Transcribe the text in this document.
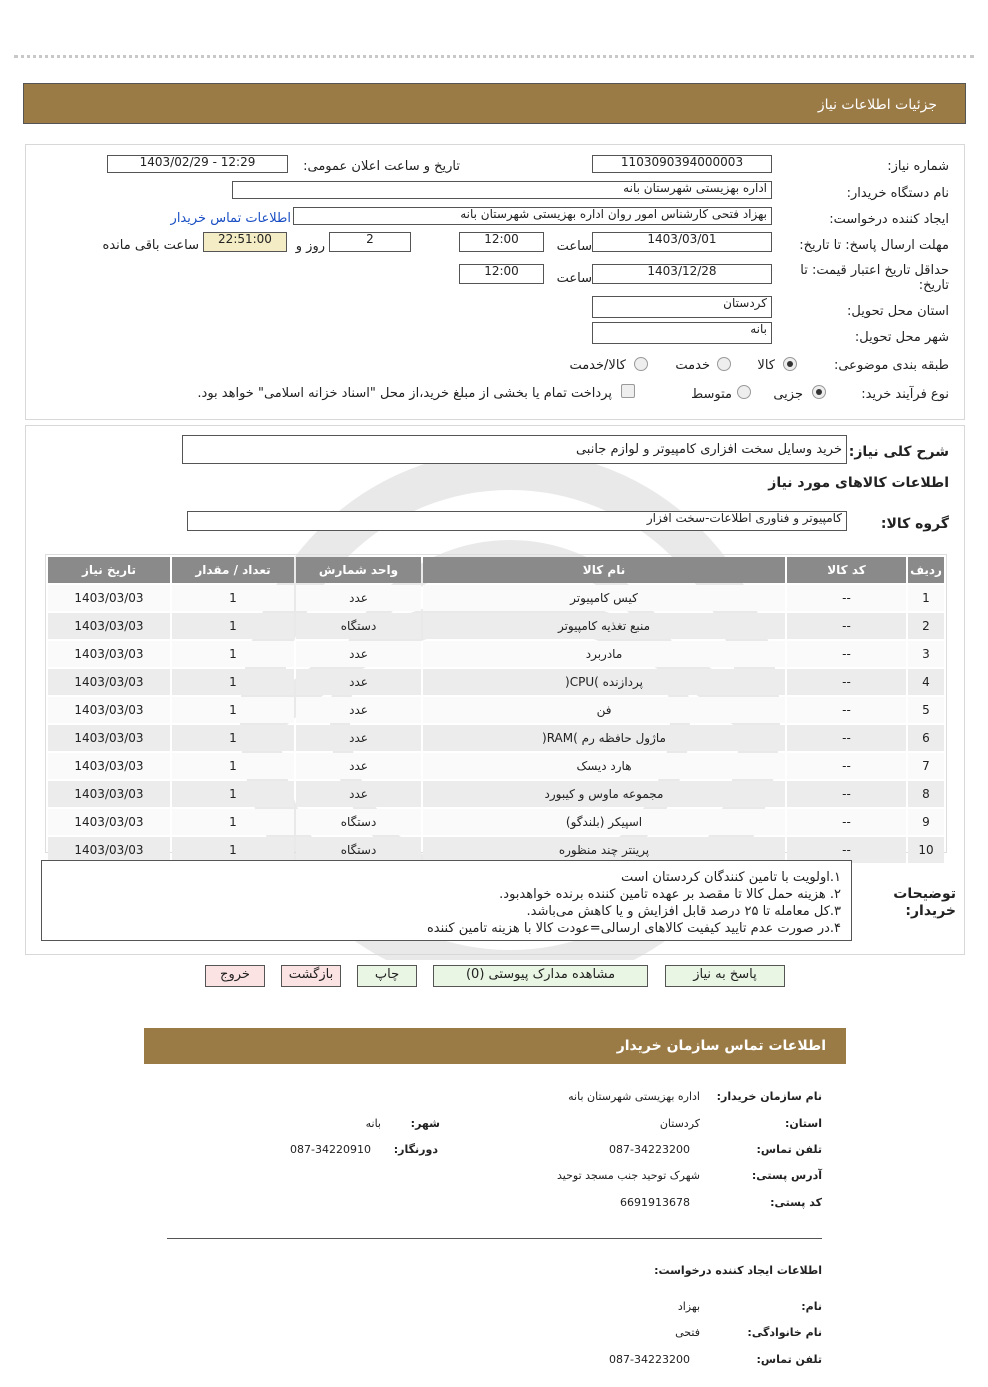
جزئیات اطلاعات نیاز
شماره نیاز:
1103090394000003
تاریخ و ساعت اعلان عمومی:
1403/02/29 - 12:29
نام دستگاه خریدار:
اداره بهزیستی شهرستان بانه
ایجاد کننده درخواست:
بهزاد فتحی کارشناس امور روان اداره بهزیستی شهرستان بانه
اطلاعات تماس خریدار
مهلت ارسال پاسخ: تا تاریخ:
1403/03/01
ساعت
12:00
2
روز و
22:51:00
ساعت باقی مانده
حداقل تاریخ اعتبار قیمت: تا تاریخ:
1403/12/28
ساعت
12:00
استان محل تحویل:
کردستان
شهر محل تحویل:
بانه
طبقه بندی موضوعی:
کالا
خدمت
کالا/خدمت
نوع فرآیند خرید:
جزیی
متوسط
پرداخت تمام یا بخشی از مبلغ خرید،از محل "اسناد خزانه اسلامی" خواهد بود.
شرح کلی نیاز:
خرید وسایل سخت افزاری کامپیوتر و لوازم جانبی
اطلاعات کالاهای مورد نیاز
گروه کالا:
کامپیوتر و فناوری اطلاعات-سخت افزار
ردیف	کد کالا	نام کالا	واحد شمارش	تعداد / مقدار	تاریخ نیاز
1	--	کیس کامپیوتر	عدد	1	1403/03/03
2	--	منبع تغذیه کامپیوتر	دستگاه	1	1403/03/03
3	--	مادربرد	عدد	1	1403/03/03
4	--	پردازنده )CPU(	عدد	1	1403/03/03
5	--	فن	عدد	1	1403/03/03
6	--	ماژول حافظه رم )RAM(	عدد	1	1403/03/03
7	--	هارد دیسک	عدد	1	1403/03/03
8	--	مجموعه ماوس و کیبورد	عدد	1	1403/03/03
9	--	اسپیکر (بلندگو)	دستگاه	1	1403/03/03
10	--	پرینتر چند منظوره	دستگاه	1	1403/03/03
توضیحات خریدار:
۱.اولویت با تامین کنندگان کردستان است
۲. هزینه حمل کالا تا مقصد بر عهده تامین کننده برنده خواهدبود.
۳.کل معامله تا ۲۵ درصد قابل افزایش و یا کاهش می‌باشد.
۴.در صورت عدم تایید کیفیت کالاهای ارسالی=عودت کالا با هزینه تامین کننده
پاسخ به نیاز
مشاهده مدارک پیوستی (0)
چاپ
بازگشت
خروج
اطلاعات تماس سازمان خریدار
نام سازمان خریدار:
اداره بهزیستی شهرستان بانه
استان:
کردستان
شهر:
بانه
تلفن تماس:
087-34223200
دورنگار:
087-34220910
آدرس پستی:
شهرک توحید جنب مسجد توحید
کد پستی:
6691913678
اطلاعات ایجاد کننده درخواست:
نام:
بهزاد
نام خانوادگی:
فتحی
تلفن تماس:
087-34223200
